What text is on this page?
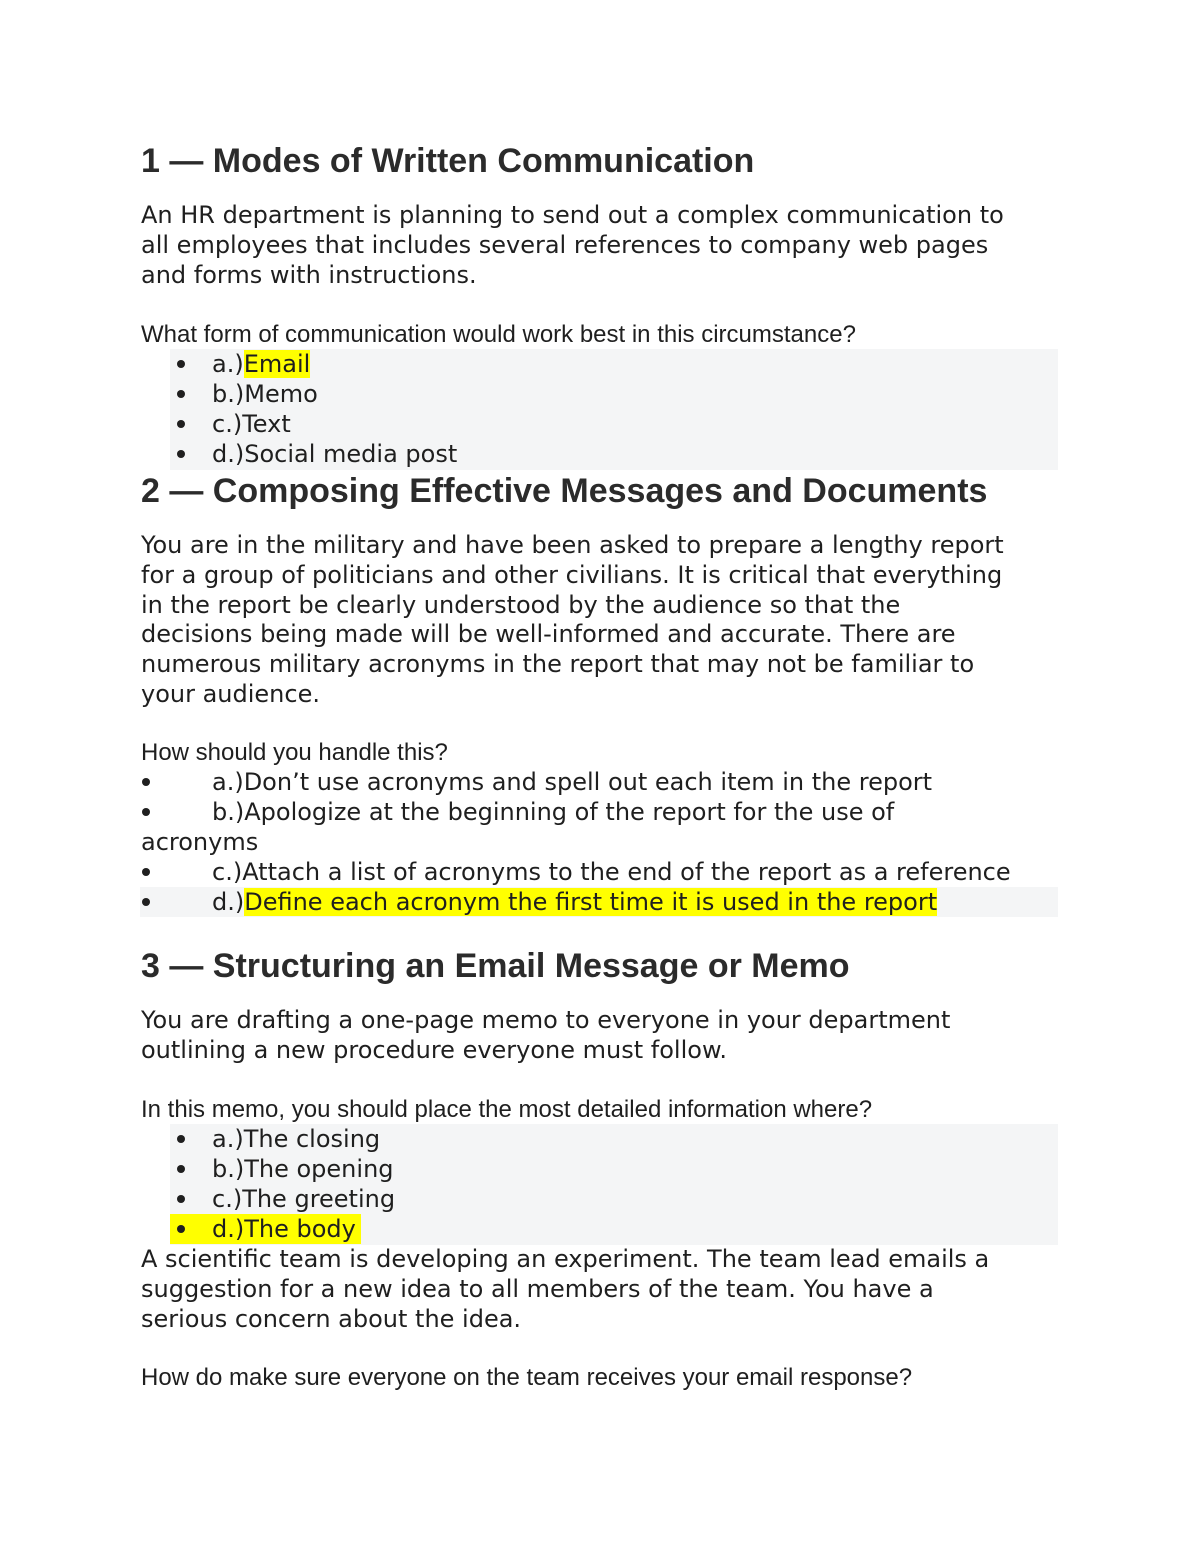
1 — Modes of Written Communication
An HR department is planning to send out a complex communication to
all employees that includes several references to company web pages
and forms with instructions.
What form of communication would work best in this circumstance?
a.)Email
b.)Memo
c.)Text
d.)Social media post
2 — Composing Effective Messages and Documents
You are in the military and have been asked to prepare a lengthy report
for a group of politicians and other civilians. It is critical that everything
in the report be clearly understood by the audience so that the
decisions being made will be well-informed and accurate. There are
numerous military acronyms in the report that may not be familiar to
your audience.
How should you handle this?
a.)Don’t use acronyms and spell out each item in the report
b.)Apologize at the beginning of the report for the use of
acronyms
c.)Attach a list of acronyms to the end of the report as a reference
d.)Define each acronym the first time it is used in the report
3 — Structuring an Email Message or Memo
You are drafting a one-page memo to everyone in your department
outlining a new procedure everyone must follow.
In this memo, you should place the most detailed information where?
a.)The closing
b.)The opening
c.)The greeting
d.)The body
A scientific team is developing an experiment. The team lead emails a
suggestion for a new idea to all members of the team. You have a
serious concern about the idea.
How do make sure everyone on the team receives your email response?
